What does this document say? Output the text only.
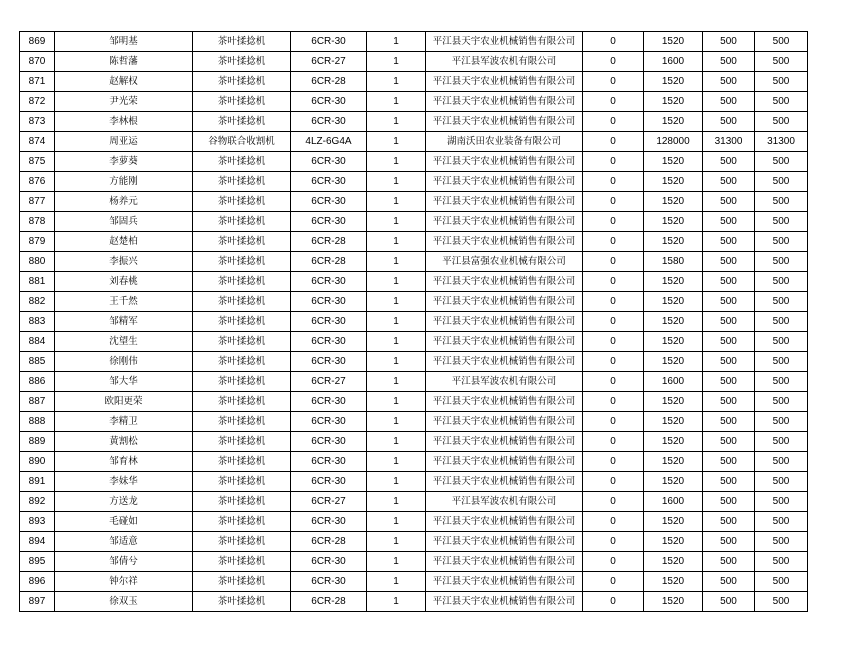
869	邹明基	茶叶揉捻机	6CR-30	1	平江县天宇农业机械销售有限公司	0	1520	500	500
870	陈哲藩	茶叶揉捻机	6CR-27	1	平江县军波农机有限公司	0	1600	500	500
871	赵解权	茶叶揉捻机	6CR-28	1	平江县天宇农业机械销售有限公司	0	1520	500	500
872	尹光荣	茶叶揉捻机	6CR-30	1	平江县天宇农业机械销售有限公司	0	1520	500	500
873	李林根	茶叶揉捻机	6CR-30	1	平江县天宇农业机械销售有限公司	0	1520	500	500
874	周亚运	谷物联合收割机	4LZ-6G4A	1	湖南沃田农业装备有限公司	0	128000	31300	31300
875	李萝葵	茶叶揉捻机	6CR-30	1	平江县天宇农业机械销售有限公司	0	1520	500	500
876	方能刚	茶叶揉捻机	6CR-30	1	平江县天宇农业机械销售有限公司	0	1520	500	500
877	杨养元	茶叶揉捻机	6CR-30	1	平江县天宇农业机械销售有限公司	0	1520	500	500
878	邹固兵	茶叶揉捻机	6CR-30	1	平江县天宇农业机械销售有限公司	0	1520	500	500
879	赵楚柏	茶叶揉捻机	6CR-28	1	平江县天宇农业机械销售有限公司	0	1520	500	500
880	李振兴	茶叶揉捻机	6CR-28	1	平江县富强农业机械有限公司	0	1580	500	500
881	刘春桃	茶叶揉捻机	6CR-30	1	平江县天宇农业机械销售有限公司	0	1520	500	500
882	王千然	茶叶揉捻机	6CR-30	1	平江县天宇农业机械销售有限公司	0	1520	500	500
883	邹精军	茶叶揉捻机	6CR-30	1	平江县天宇农业机械销售有限公司	0	1520	500	500
884	沈望生	茶叶揉捻机	6CR-30	1	平江县天宇农业机械销售有限公司	0	1520	500	500
885	徐刚伟	茶叶揉捻机	6CR-30	1	平江县天宇农业机械销售有限公司	0	1520	500	500
886	邹大华	茶叶揉捻机	6CR-27	1	平江县军波农机有限公司	0	1600	500	500
887	欧阳更荣	茶叶揉捻机	6CR-30	1	平江县天宇农业机械销售有限公司	0	1520	500	500
888	李精卫	茶叶揉捻机	6CR-30	1	平江县天宇农业机械销售有限公司	0	1520	500	500
889	黄割松	茶叶揉捻机	6CR-30	1	平江县天宇农业机械销售有限公司	0	1520	500	500
890	邹育林	茶叶揉捻机	6CR-30	1	平江县天宇农业机械销售有限公司	0	1520	500	500
891	李妹华	茶叶揉捻机	6CR-30	1	平江县天宇农业机械销售有限公司	0	1520	500	500
892	方送龙	茶叶揉捻机	6CR-27	1	平江县军波农机有限公司	0	1600	500	500
893	毛碰如	茶叶揉捻机	6CR-30	1	平江县天宇农业机械销售有限公司	0	1520	500	500
894	邹适意	茶叶揉捻机	6CR-28	1	平江县天宇农业机械销售有限公司	0	1520	500	500
895	邹倩兮	茶叶揉捻机	6CR-30	1	平江县天宇农业机械销售有限公司	0	1520	500	500
896	钟尔祥	茶叶揉捻机	6CR-30	1	平江县天宇农业机械销售有限公司	0	1520	500	500
897	徐双玉	茶叶揉捻机	6CR-28	1	平江县天宇农业机械销售有限公司	0	1520	500	500
